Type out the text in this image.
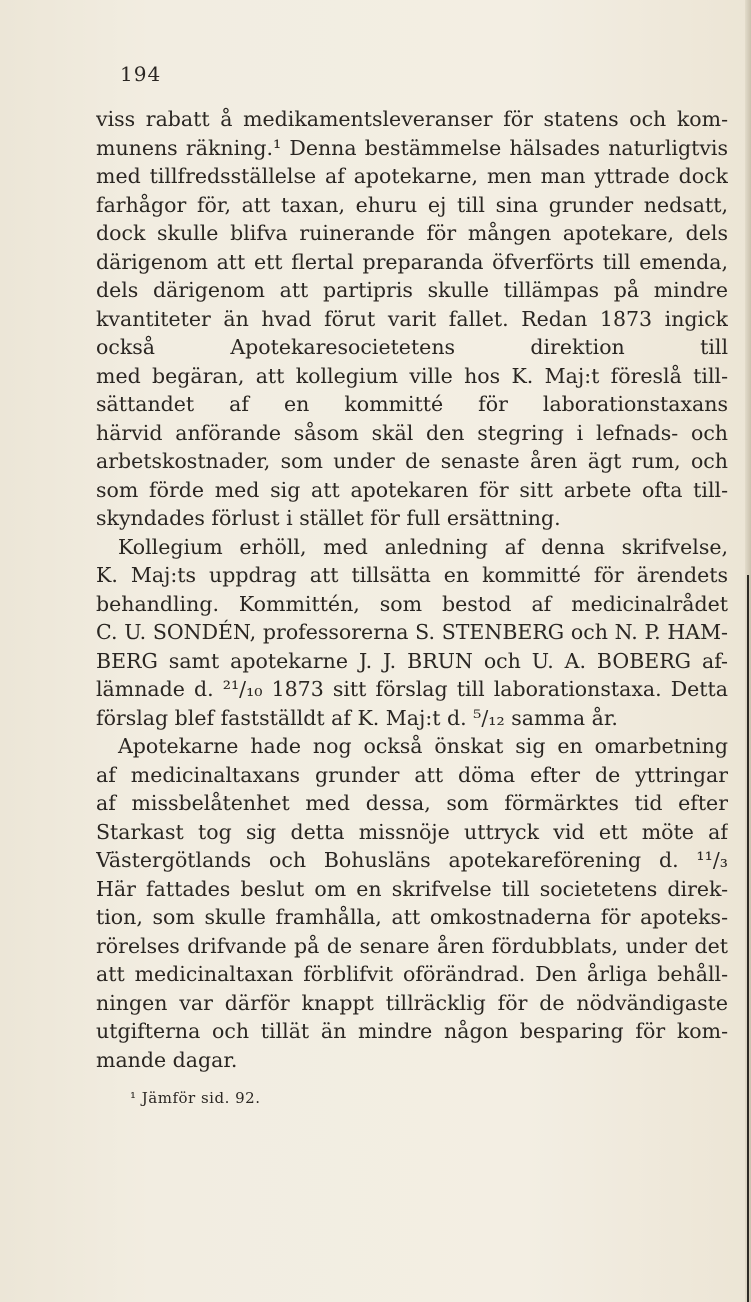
194
viss rabatt å medikamentsleveranser för statens och kom-
munens räkning.¹ Denna bestämmelse hälsades naturligtvis
med tillfredsställelse af apotekarne, men man yttrade dock
farhågor för, att taxan, ehuru ej till sina grunder nedsatt,
dock skulle blifva ruinerande för mången apotekare, dels
därigenom att ett flertal preparanda öfverförts till emenda,
dels därigenom att partipris skulle tillämpas på mindre
kvantiteter än hvad förut varit fallet. Redan 1873 ingick
också Apotekaresocietetens direktion till
med begäran, att kollegium ville hos K. Maj:t föreslå till-
sättandet af en kommitté för laborationstaxans
härvid anförande såsom skäl den stegring i lefnads- och
arbetskostnader, som under de senaste åren ägt rum, och
som förde med sig att apotekaren för sitt arbete ofta till-
skyndades förlust i stället för full ersättning.
Kollegium erhöll, med anledning af denna skrifvelse,
K. Maj:ts uppdrag att tillsätta en kommitté för ärendets
behandling. Kommittén, som bestod af medicinalrådet
C. U. SONDÉN, professorerna S. STENBERG och N. P. HAM-
BERG samt apotekarne J. J. BRUN och U. A. BOBERG af-
lämnade d. ²¹/₁₀ 1873 sitt förslag till laborationstaxa. Detta
förslag blef fastställdt af K. Maj:t d. ⁵/₁₂ samma år.
Apotekarne hade nog också önskat sig en omarbetning
af medicinaltaxans grunder att döma efter de yttringar
af missbelåtenhet med dessa, som förmärktes tid efter
Starkast tog sig detta missnöje uttryck vid ett möte af
Västergötlands och Bohusläns apotekareförening d. ¹¹/₃
Här fattades beslut om en skrifvelse till societetens direk-
tion, som skulle framhålla, att omkostnaderna för apoteks-
rörelses drifvande på de senare åren fördubblats, under det
att medicinaltaxan förblifvit oförändrad. Den årliga behåll-
ningen var därför knappt tillräcklig för de nödvändigaste
utgifterna och tillät än mindre någon besparing för kom-
mande dagar.
¹ Jämför sid. 92.
